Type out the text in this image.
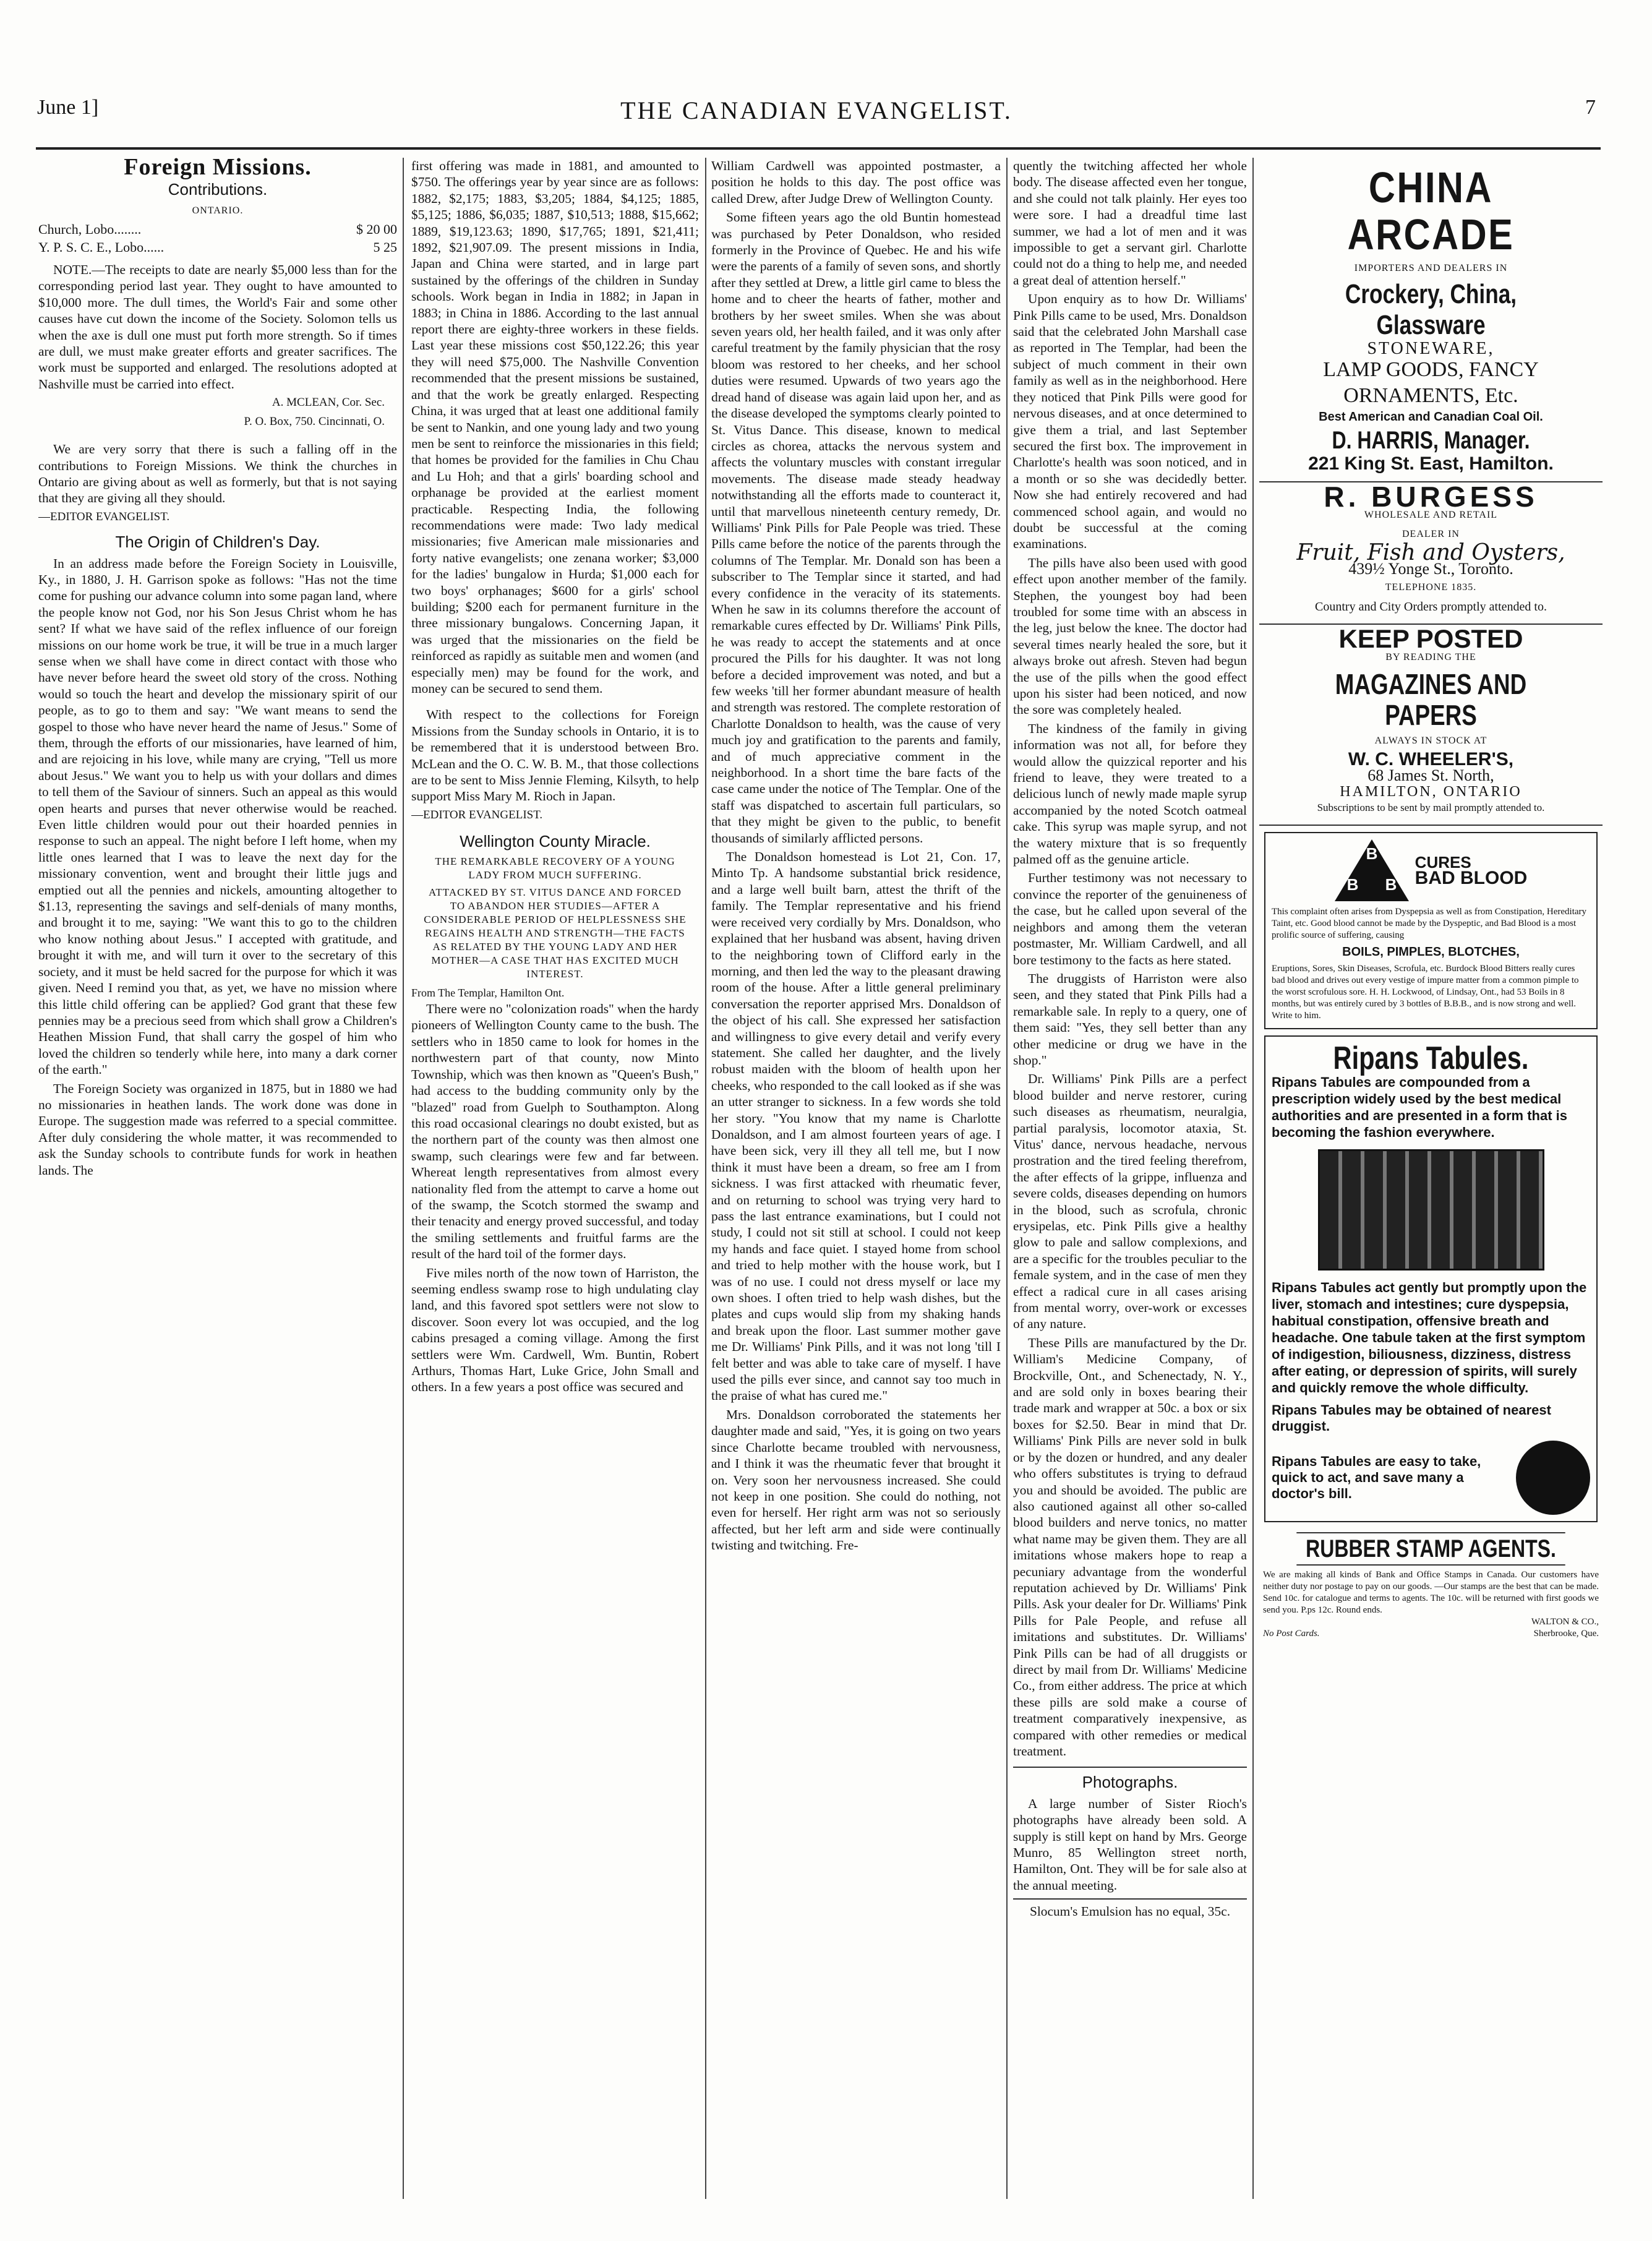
June 1]	THE CANADIAN EVANGELIST.	7
Foreign Missions.
Contributions.
ONTARIO.
Church, Lobo........	$ 20 00
Y. P. S. C. E., Lobo......	5 25

NOTE.—The receipts to date are nearly $5,000 less than for the corresponding period last year. They ought to have amounted to $10,000 more. The dull times, the World's Fair and some other causes have cut down the income of the Society. Solomon tells us when the axe is dull one must put forth more strength. So if times are dull, we must make greater efforts and greater sacrifices. The work must be supported and enlarged. The resolutions adopted at Nashville must be carried into effect.

A. MCLEAN, Cor. Sec.
P. O. Box, 750. Cincinnati, O.

We are very sorry that there is such a falling off in the contributions to Foreign Missions. We think the churches in Ontario are giving about as well as formerly, but that is not saying that they are giving all they should.

—EDITOR EVANGELIST.
The Origin of Children's Day.

In an address made before the Foreign Society in Louisville, Ky., in 1880, J. H. Garrison spoke as follows: "Has not the time come for pushing our advance column into some pagan land, where the people know not God, nor his Son Jesus Christ whom he has sent? If what we have said of the reflex influence of our foreign missions on our home work be true, it will be true in a much larger sense when we shall have come in direct contact with those who have never before heard the sweet old story of the cross. Nothing would so touch the heart and develop the missionary spirit of our people, as to go to them and say: "We want means to send the gospel to those who have never heard the name of Jesus." Some of them, through the efforts of our missionaries, have learned of him, and are rejoicing in his love, while many are crying, "Tell us more about Jesus." We want you to help us with your dollars and dimes to tell them of the Saviour of sinners. Such an appeal as this would open hearts and purses that never otherwise would be reached. Even little children would pour out their hoarded pennies in response to such an appeal. The night before I left home, when my little ones learned that I was to leave the next day for the missionary convention, went and brought their little jugs and emptied out all the pennies and nickels, amounting altogether to $1.13, representing the savings and self-denials of many months, and brought it to me, saying: "We want this to go to the children who know nothing about Jesus." I accepted with gratitude, and brought it with me, and will turn it over to the secretary of this society, and it must be held sacred for the purpose for which it was given. Need I remind you that, as yet, we have no mission where this little child offering can be applied? God grant that these few pennies may be a precious seed from which shall grow a Children's Heathen Mission Fund, that shall carry the gospel of him who loved the children so tenderly while here, into many a dark corner of the earth."

The Foreign Society was organized in 1875, but in 1880 we had no missionaries in heathen lands. The work done was done in Europe. The suggestion made was referred to a special committee. After duly considering the whole matter, it was recommended to ask the Sunday schools to contribute funds for work in heathen lands. The

first offering was made in 1881, and amounted to $750. The offerings year by year since are as follows: 1882, $2,175; 1883, $3,205; 1884, $4,125; 1885, $5,125; 1886, $6,035; 1887, $10,513; 1888, $15,662; 1889, $19,123.63; 1890, $17,765; 1891, $21,411; 1892, $21,907.09. The present missions in India, Japan and China were started, and in large part sustained by the offerings of the children in Sunday schools. Work began in India in 1882; in Japan in 1883; in China in 1886. According to the last annual report there are eighty-three workers in these fields. Last year these missions cost $50,122.26; this year they will need $75,000. The Nashville Convention recommended that the present missions be sustained, and that the work be greatly enlarged. Respecting China, it was urged that at least one additional family be sent to Nankin, and one young lady and two young men be sent to reinforce the missionaries in this field; that homes be provided for the families in Chu Chau and Lu Hoh; and that a girls' boarding school and orphanage be provided at the earliest moment practicable. Respecting India, the following recommendations were made: Two lady medical missionaries; five American male missionaries and forty native evangelists; one zenana worker; $3,000 for the ladies' bungalow in Hurda; $1,000 each for two boys' orphanages; $600 for a girls' school building; $200 each for permanent furniture in the three missionary bungalows. Concerning Japan, it was urged that the missionaries on the field be reinforced as rapidly as suitable men and women (and especially men) may be found for the work, and money can be secured to send them.

With respect to the collections for Foreign Missions from the Sunday schools in Ontario, it is to be remembered that it is understood between Bro. McLean and the O. C. W. B. M., that those collections are to be sent to Miss Jennie Fleming, Kilsyth, to help support Miss Mary M. Rioch in Japan.

—EDITOR EVANGELIST.
Wellington County Miracle.
THE REMARKABLE RECOVERY OF A YOUNG LADY FROM MUCH SUFFERING.
ATTACKED BY ST. VITUS DANCE AND FORCED TO ABANDON HER STUDIES—AFTER A CONSIDERABLE PERIOD OF HELPLESSNESS SHE REGAINS HEALTH AND STRENGTH—THE FACTS AS RELATED BY THE YOUNG LADY AND HER MOTHER—A CASE THAT HAS EXCITED MUCH INTEREST.
From The Templar, Hamilton Ont.

There were no "colonization roads" when the hardy pioneers of Wellington County came to the bush. The settlers who in 1850 came to look for homes in the northwestern part of that county, now Minto Township, which was then known as "Queen's Bush," had access to the budding community only by the "blazed" road from Guelph to Southampton. Along this road occasional clearings no doubt existed, but as the northern part of the county was then almost one swamp, such clearings were few and far between. Whereat length representatives from almost every nationality fled from the attempt to carve a home out of the swamp, the Scotch stormed the swamp and their tenacity and energy proved successful, and today the smiling settlements and fruitful farms are the result of the hard toil of the former days.

Five miles north of the now town of Harriston, the seeming endless swamp rose to high undulating clay land, and this favored spot settlers were not slow to discover. Soon every lot was occupied, and the log cabins presaged a coming village. Among the first settlers were Wm. Cardwell, Wm. Buntin, Robert Arthurs, Thomas Hart, Luke Grice, John Small and others. In a few years a post office was secured and

William Cardwell was appointed postmaster, a position he holds to this day. The post office was called Drew, after Judge Drew of Wellington County.

Some fifteen years ago the old Buntin homestead was purchased by Peter Donaldson, who resided formerly in the Province of Quebec. He and his wife were the parents of a family of seven sons, and shortly after they settled at Drew, a little girl came to bless the home and to cheer the hearts of father, mother and brothers by her sweet smiles. When she was about seven years old, her health failed, and it was only after careful treatment by the family physician that the rosy bloom was restored to her cheeks, and her school duties were resumed. Upwards of two years ago the dread hand of disease was again laid upon her, and as the disease developed the symptoms clearly pointed to St. Vitus Dance. This disease, known to medical circles as chorea, attacks the nervous system and affects the voluntary muscles with constant irregular movements. The disease made steady headway notwithstanding all the efforts made to counteract it, until that marvellous nineteenth century remedy, Dr. Williams' Pink Pills for Pale People was tried. These Pills came before the notice of the parents through the columns of The Templar. Mr. Donald son has been a subscriber to The Templar since it started, and had every confidence in the veracity of its statements. When he saw in its columns therefore the account of remarkable cures effected by Dr. Williams' Pink Pills, he was ready to accept the statements and at once procured the Pills for his daughter. It was not long before a decided improvement was noted, and but a few weeks 'till her former abundant measure of health and strength was restored. The complete restoration of Charlotte Donaldson to health, was the cause of very much joy and gratification to the parents and family, and of much appreciative comment in the neighborhood. In a short time the bare facts of the case came under the notice of The Templar. One of the staff was dispatched to ascertain full particulars, so that they might be given to the public, to benefit thousands of similarly afflicted persons.

The Donaldson homestead is Lot 21, Con. 17, Minto Tp. A handsome substantial brick residence, and a large well built barn, attest the thrift of the family. The Templar representative and his friend were received very cordially by Mrs. Donaldson, who explained that her husband was absent, having driven to the neighboring town of Clifford early in the morning, and then led the way to the pleasant drawing room of the house. After a little general preliminary conversation the reporter apprised Mrs. Donaldson of the object of his call. She expressed her satisfaction and willingness to give every detail and verify every statement. She called her daughter, and the lively robust maiden with the bloom of health upon her cheeks, who responded to the call looked as if she was an utter stranger to sickness. In a few words she told her story. "You know that my name is Charlotte Donaldson, and I am almost fourteen years of age. I have been sick, very ill they all tell me, but I now think it must have been a dream, so free am I from sickness. I was first attacked with rheumatic fever, and on returning to school was trying very hard to pass the last entrance examinations, but I could not study, I could not sit still at school. I could not keep my hands and face quiet. I stayed home from school and tried to help mother with the house work, but I was of no use. I could not dress myself or lace my own shoes. I often tried to help wash dishes, but the plates and cups would slip from my shaking hands and break upon the floor. Last summer mother gave me Dr. Williams' Pink Pills, and it was not long 'till I felt better and was able to take care of myself. I have used the pills ever since, and cannot say too much in the praise of what has cured me."

Mrs. Donaldson corroborated the statements her daughter made and said, "Yes, it is going on two years since Charlotte became troubled with nervousness, and I think it was the rheumatic fever that brought it on. Very soon her nervousness increased. She could not keep in one position. She could do nothing, not even for herself. Her right arm was not so seriously affected, but her left arm and side were continually twisting and twitching. Fre-

quently the twitching affected her whole body. The disease affected even her tongue, and she could not talk plainly. Her eyes too were sore. I had a dreadful time last summer, we had a lot of men and it was impossible to get a servant girl. Charlotte could not do a thing to help me, and needed a great deal of attention herself."

Upon enquiry as to how Dr. Williams' Pink Pills came to be used, Mrs. Donaldson said that the celebrated John Marshall case as reported in The Templar, had been the subject of much comment in their own family as well as in the neighborhood. Here they noticed that Pink Pills were good for nervous diseases, and at once determined to give them a trial, and last September secured the first box. The improvement in Charlotte's health was soon noticed, and in a month or so she was decidedly better. Now she had entirely recovered and had commenced school again, and would no doubt be successful at the coming examinations.

The pills have also been used with good effect upon another member of the family. Stephen, the youngest boy had been troubled for some time with an abscess in the leg, just below the knee. The doctor had several times nearly healed the sore, but it always broke out afresh. Steven had begun the use of the pills when the good effect upon his sister had been noticed, and now the sore was completely healed.

The kindness of the family in giving information was not all, for before they would allow the quizzical reporter and his friend to leave, they were treated to a delicious lunch of newly made maple syrup accompanied by the noted Scotch oatmeal cake. This syrup was maple syrup, and not the watery mixture that is so frequently palmed off as the genuine article.

Further testimony was not necessary to convince the reporter of the genuineness of the case, but he called upon several of the neighbors and among them the veteran postmaster, Mr. William Cardwell, and all bore testimony to the facts as here stated.

The druggists of Harriston were also seen, and they stated that Pink Pills had a remarkable sale. In reply to a query, one of them said: "Yes, they sell better than any other medicine or drug we have in the shop."

Dr. Williams' Pink Pills are a perfect blood builder and nerve restorer, curing such diseases as rheumatism, neuralgia, partial paralysis, locomotor ataxia, St. Vitus' dance, nervous headache, nervous prostration and the tired feeling therefrom, the after effects of la grippe, influenza and severe colds, diseases depending on humors in the blood, such as scrofula, chronic erysipelas, etc. Pink Pills give a healthy glow to pale and sallow complexions, and are a specific for the troubles peculiar to the female system, and in the case of men they effect a radical cure in all cases arising from mental worry, over-work or excesses of any nature.

These Pills are manufactured by the Dr. William's Medicine Company, of Brockville, Ont., and Schenectady, N. Y., and are sold only in boxes bearing their trade mark and wrapper at 50c. a box or six boxes for $2.50. Bear in mind that Dr. Williams' Pink Pills are never sold in bulk or by the dozen or hundred, and any dealer who offers substitutes is trying to defraud you and should be avoided. The public are also cautioned against all other so-called blood builders and nerve tonics, no matter what name may be given them. They are all imitations whose makers hope to reap a pecuniary advantage from the wonderful reputation achieved by Dr. Williams' Pink Pills. Ask your dealer for Dr. Williams' Pink Pills for Pale People, and refuse all imitations and substitutes. Dr. Williams' Pink Pills can be had of all druggists or direct by mail from Dr. Williams' Medicine Co., from either address. The price at which these pills are sold make a course of treatment comparatively inexpensive, as compared with other remedies or medical treatment.

Photographs.

A large number of Sister Rioch's photographs have already been sold. A supply is still kept on hand by Mrs. George Munro, 85 Wellington street north, Hamilton, Ont. They will be for sale also at the annual meeting.

Slocum's Emulsion has no equal, 35c.
CHINA ARCADE
IMPORTERS AND DEALERS IN
Crockery, China, Glassware
STONEWARE,
LAMP GOODS, FANCY
ORNAMENTS, Etc.
Best American and Canadian Coal Oil.
D. HARRIS, Manager.
221 King St. East, Hamilton.
R. BURGESS
WHOLESALE AND RETAIL
DEALER IN
Fruit, Fish and Oysters,
439½ Yonge St., Toronto.
TELEPHONE 1835.
Country and City Orders promptly attended to.
KEEP POSTED
BY READING THE
MAGAZINES AND PAPERS
ALWAYS IN STOCK AT
W. C. WHEELER'S,
68 James St. North,
HAMILTON, ONTARIO
Subscriptions to be sent by mail promptly attended to.
B
B B
CURES
BAD BLOOD
This complaint often arises from Dyspepsia as well as from Constipation, Hereditary Taint, etc. Good blood cannot be made by the Dyspeptic, and Bad Blood is a most prolific source of suffering, causing
BOILS, PIMPLES, BLOTCHES,
Eruptions, Sores, Skin Diseases, Scrofula, etc. Burdock Blood Bitters really cures bad blood and drives out every vestige of impure matter from a common pimple to the worst scrofulous sore. H. H. Lockwood, of Lindsay, Ont., had 53 Boils in 8 months, but was entirely cured by 3 bottles of B.B.B., and is now strong and well. Write to him.
Ripans Tabules.
Ripans Tabules are compounded from a prescription widely used by the best medical authorities and are presented in a form that is becoming the fashion everywhere.
Ripans Tabules act gently but promptly upon the liver, stomach and intestines; cure dyspepsia, habitual constipation, offensive breath and headache. One tabule taken at the first symptom of indigestion, biliousness, dizziness, distress after eating, or depression of spirits, will surely and quickly remove the whole difficulty.
Ripans Tabules may be obtained of nearest druggist.
Ripans Tabules are easy to take, quick to act, and save many a doctor's bill.
RUBBER STAMP AGENTS.
We are making all kinds of Bank and Office Stamps in Canada. Our customers have neither duty nor postage to pay on our goods. —Our stamps are the best that can be made. Send 10c. for catalogue and terms to agents. The 10c. will be returned with first goods we send you. P.ps 12c. Round ends.
WALTON & CO.,
No Post Cards.	Sherbrooke, Que.
